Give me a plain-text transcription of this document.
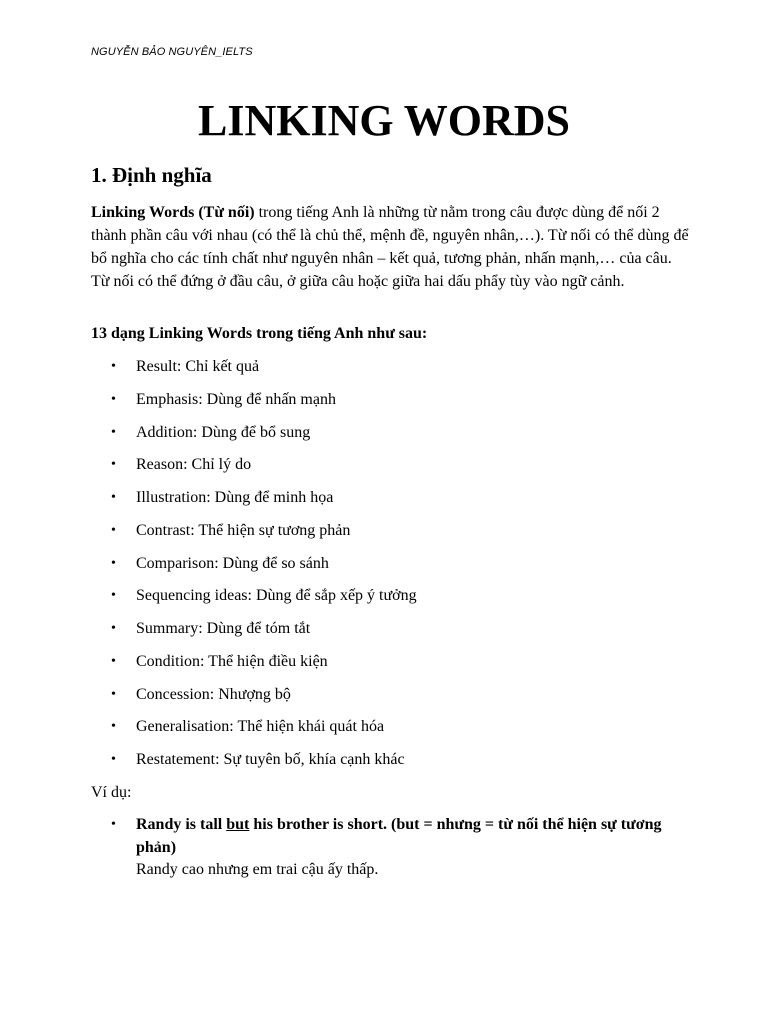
NGUYỄN BẢO NGUYÊN_IELTS
LINKING WORDS
1. Định nghĩa

Linking Words (Từ nối) trong tiếng Anh là những từ nằm trong câu được dùng để nối 2 thành phần câu với nhau (có thể là chủ thể, mệnh đề, nguyên nhân,…). Từ nối có thể dùng để bổ nghĩa cho các tính chất như nguyên nhân – kết quả, tương phản, nhấn mạnh,… của câu. Từ nối có thể đứng ở đầu câu, ở giữa câu hoặc giữa hai dấu phẩy tùy vào ngữ cảnh.

13 dạng Linking Words trong tiếng Anh như sau:

• Result: Chỉ kết quả
• Emphasis: Dùng để nhấn mạnh
• Addition: Dùng để bổ sung
• Reason: Chỉ lý do
• Illustration: Dùng để minh họa
• Contrast: Thể hiện sự tương phản
• Comparison: Dùng để so sánh
• Sequencing ideas: Dùng để sắp xếp ý tưởng
• Summary: Dùng để tóm tắt
• Condition: Thể hiện điều kiện
• Concession: Nhượng bộ
• Generalisation: Thể hiện khái quát hóa
• Restatement: Sự tuyên bố, khía cạnh khác

Ví dụ:

• Randy is tall but his brother is short. (but = nhưng = từ nối thể hiện sự tương phản)
Randy cao nhưng em trai cậu ấy thấp.
